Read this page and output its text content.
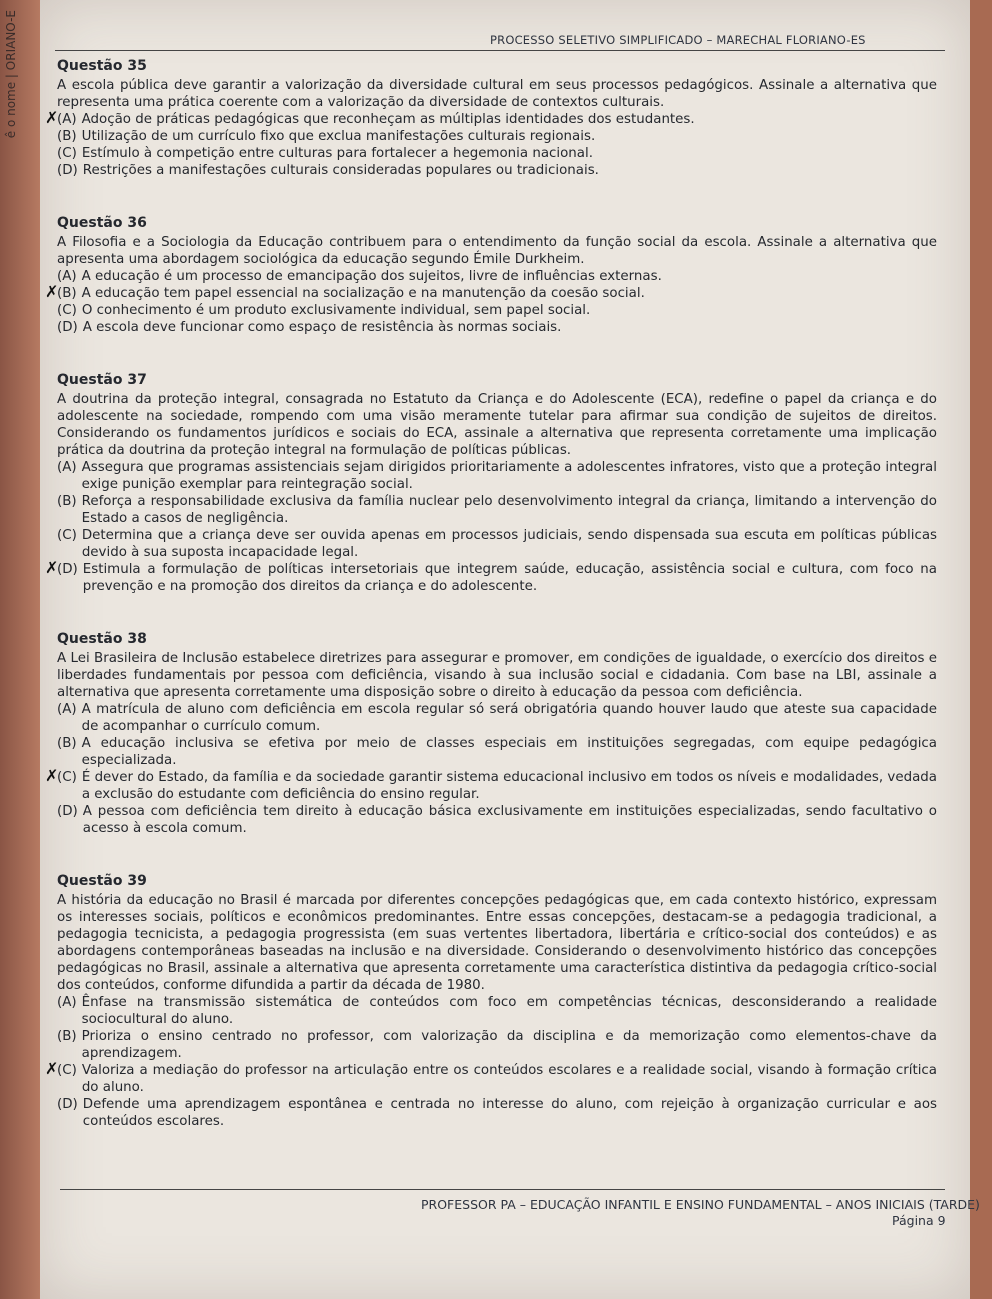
ê o nome | ORIANO-E	PROCESSO SELETIVO SIMPLIFICADO – MARECHAL FLORIANO-ES
Questão 35
A escola pública deve garantir a valorização da diversidade cultural em seus processos pedagógicos. Assinale a alternativa que representa uma prática coerente com a valorização da diversidade de contextos culturais.
✗ (A) Adoção de práticas pedagógicas que reconheçam as múltiplas identidades dos estudantes.
(B) Utilização de um currículo fixo que exclua manifestações culturais regionais.
(C) Estímulo à competição entre culturas para fortalecer a hegemonia nacional.
(D) Restrições a manifestações culturais consideradas populares ou tradicionais.
Questão 36
A Filosofia e a Sociologia da Educação contribuem para o entendimento da função social da escola. Assinale a alternativa que apresenta uma abordagem sociológica da educação segundo Émile Durkheim.
(A) A educação é um processo de emancipação dos sujeitos, livre de influências externas.
✗ (B) A educação tem papel essencial na socialização e na manutenção da coesão social.
(C) O conhecimento é um produto exclusivamente individual, sem papel social.
(D) A escola deve funcionar como espaço de resistência às normas sociais.
Questão 37
A doutrina da proteção integral, consagrada no Estatuto da Criança e do Adolescente (ECA), redefine o papel da criança e do adolescente na sociedade, rompendo com uma visão meramente tutelar para afirmar sua condição de sujeitos de direitos. Considerando os fundamentos jurídicos e sociais do ECA, assinale a alternativa que representa corretamente uma implicação prática da doutrina da proteção integral na formulação de políticas públicas.
(A) Assegura que programas assistenciais sejam dirigidos prioritariamente a adolescentes infratores, visto que a proteção integral exige punição exemplar para reintegração social.
(B) Reforça a responsabilidade exclusiva da família nuclear pelo desenvolvimento integral da criança, limitando a intervenção do Estado a casos de negligência.
(C) Determina que a criança deve ser ouvida apenas em processos judiciais, sendo dispensada sua escuta em políticas públicas devido à sua suposta incapacidade legal.
✗ (D) Estimula a formulação de políticas intersetoriais que integrem saúde, educação, assistência social e cultura, com foco na prevenção e na promoção dos direitos da criança e do adolescente.
Questão 38
A Lei Brasileira de Inclusão estabelece diretrizes para assegurar e promover, em condições de igualdade, o exercício dos direitos e liberdades fundamentais por pessoa com deficiência, visando à sua inclusão social e cidadania. Com base na LBI, assinale a alternativa que apresenta corretamente uma disposição sobre o direito à educação da pessoa com deficiência.
(A) A matrícula de aluno com deficiência em escola regular só será obrigatória quando houver laudo que ateste sua capacidade de acompanhar o currículo comum.
(B) A educação inclusiva se efetiva por meio de classes especiais em instituições segregadas, com equipe pedagógica especializada.
✗ (C) É dever do Estado, da família e da sociedade garantir sistema educacional inclusivo em todos os níveis e modalidades, vedada a exclusão do estudante com deficiência do ensino regular.
(D) A pessoa com deficiência tem direito à educação básica exclusivamente em instituições especializadas, sendo facultativo o acesso à escola comum.
Questão 39
A história da educação no Brasil é marcada por diferentes concepções pedagógicas que, em cada contexto histórico, expressam os interesses sociais, políticos e econômicos predominantes. Entre essas concepções, destacam-se a pedagogia tradicional, a pedagogia tecnicista, a pedagogia progressista (em suas vertentes libertadora, libertária e crítico-social dos conteúdos) e as abordagens contemporâneas baseadas na inclusão e na diversidade. Considerando o desenvolvimento histórico das concepções pedagógicas no Brasil, assinale a alternativa que apresenta corretamente uma característica distintiva da pedagogia crítico-social dos conteúdos, conforme difundida a partir da década de 1980.
(A) Ênfase na transmissão sistemática de conteúdos com foco em competências técnicas, desconsiderando a realidade sociocultural do aluno.
(B) Prioriza o ensino centrado no professor, com valorização da disciplina e da memorização como elementos-chave da aprendizagem.
✗ (C) Valoriza a mediação do professor na articulação entre os conteúdos escolares e a realidade social, visando à formação crítica do aluno.
(D) Defende uma aprendizagem espontânea e centrada no interesse do aluno, com rejeição à organização curricular e aos conteúdos escolares.
PROFESSOR PA – EDUCAÇÃO INFANTIL E ENSINO FUNDAMENTAL – ANOS INICIAIS (TARDE)
Página 9
